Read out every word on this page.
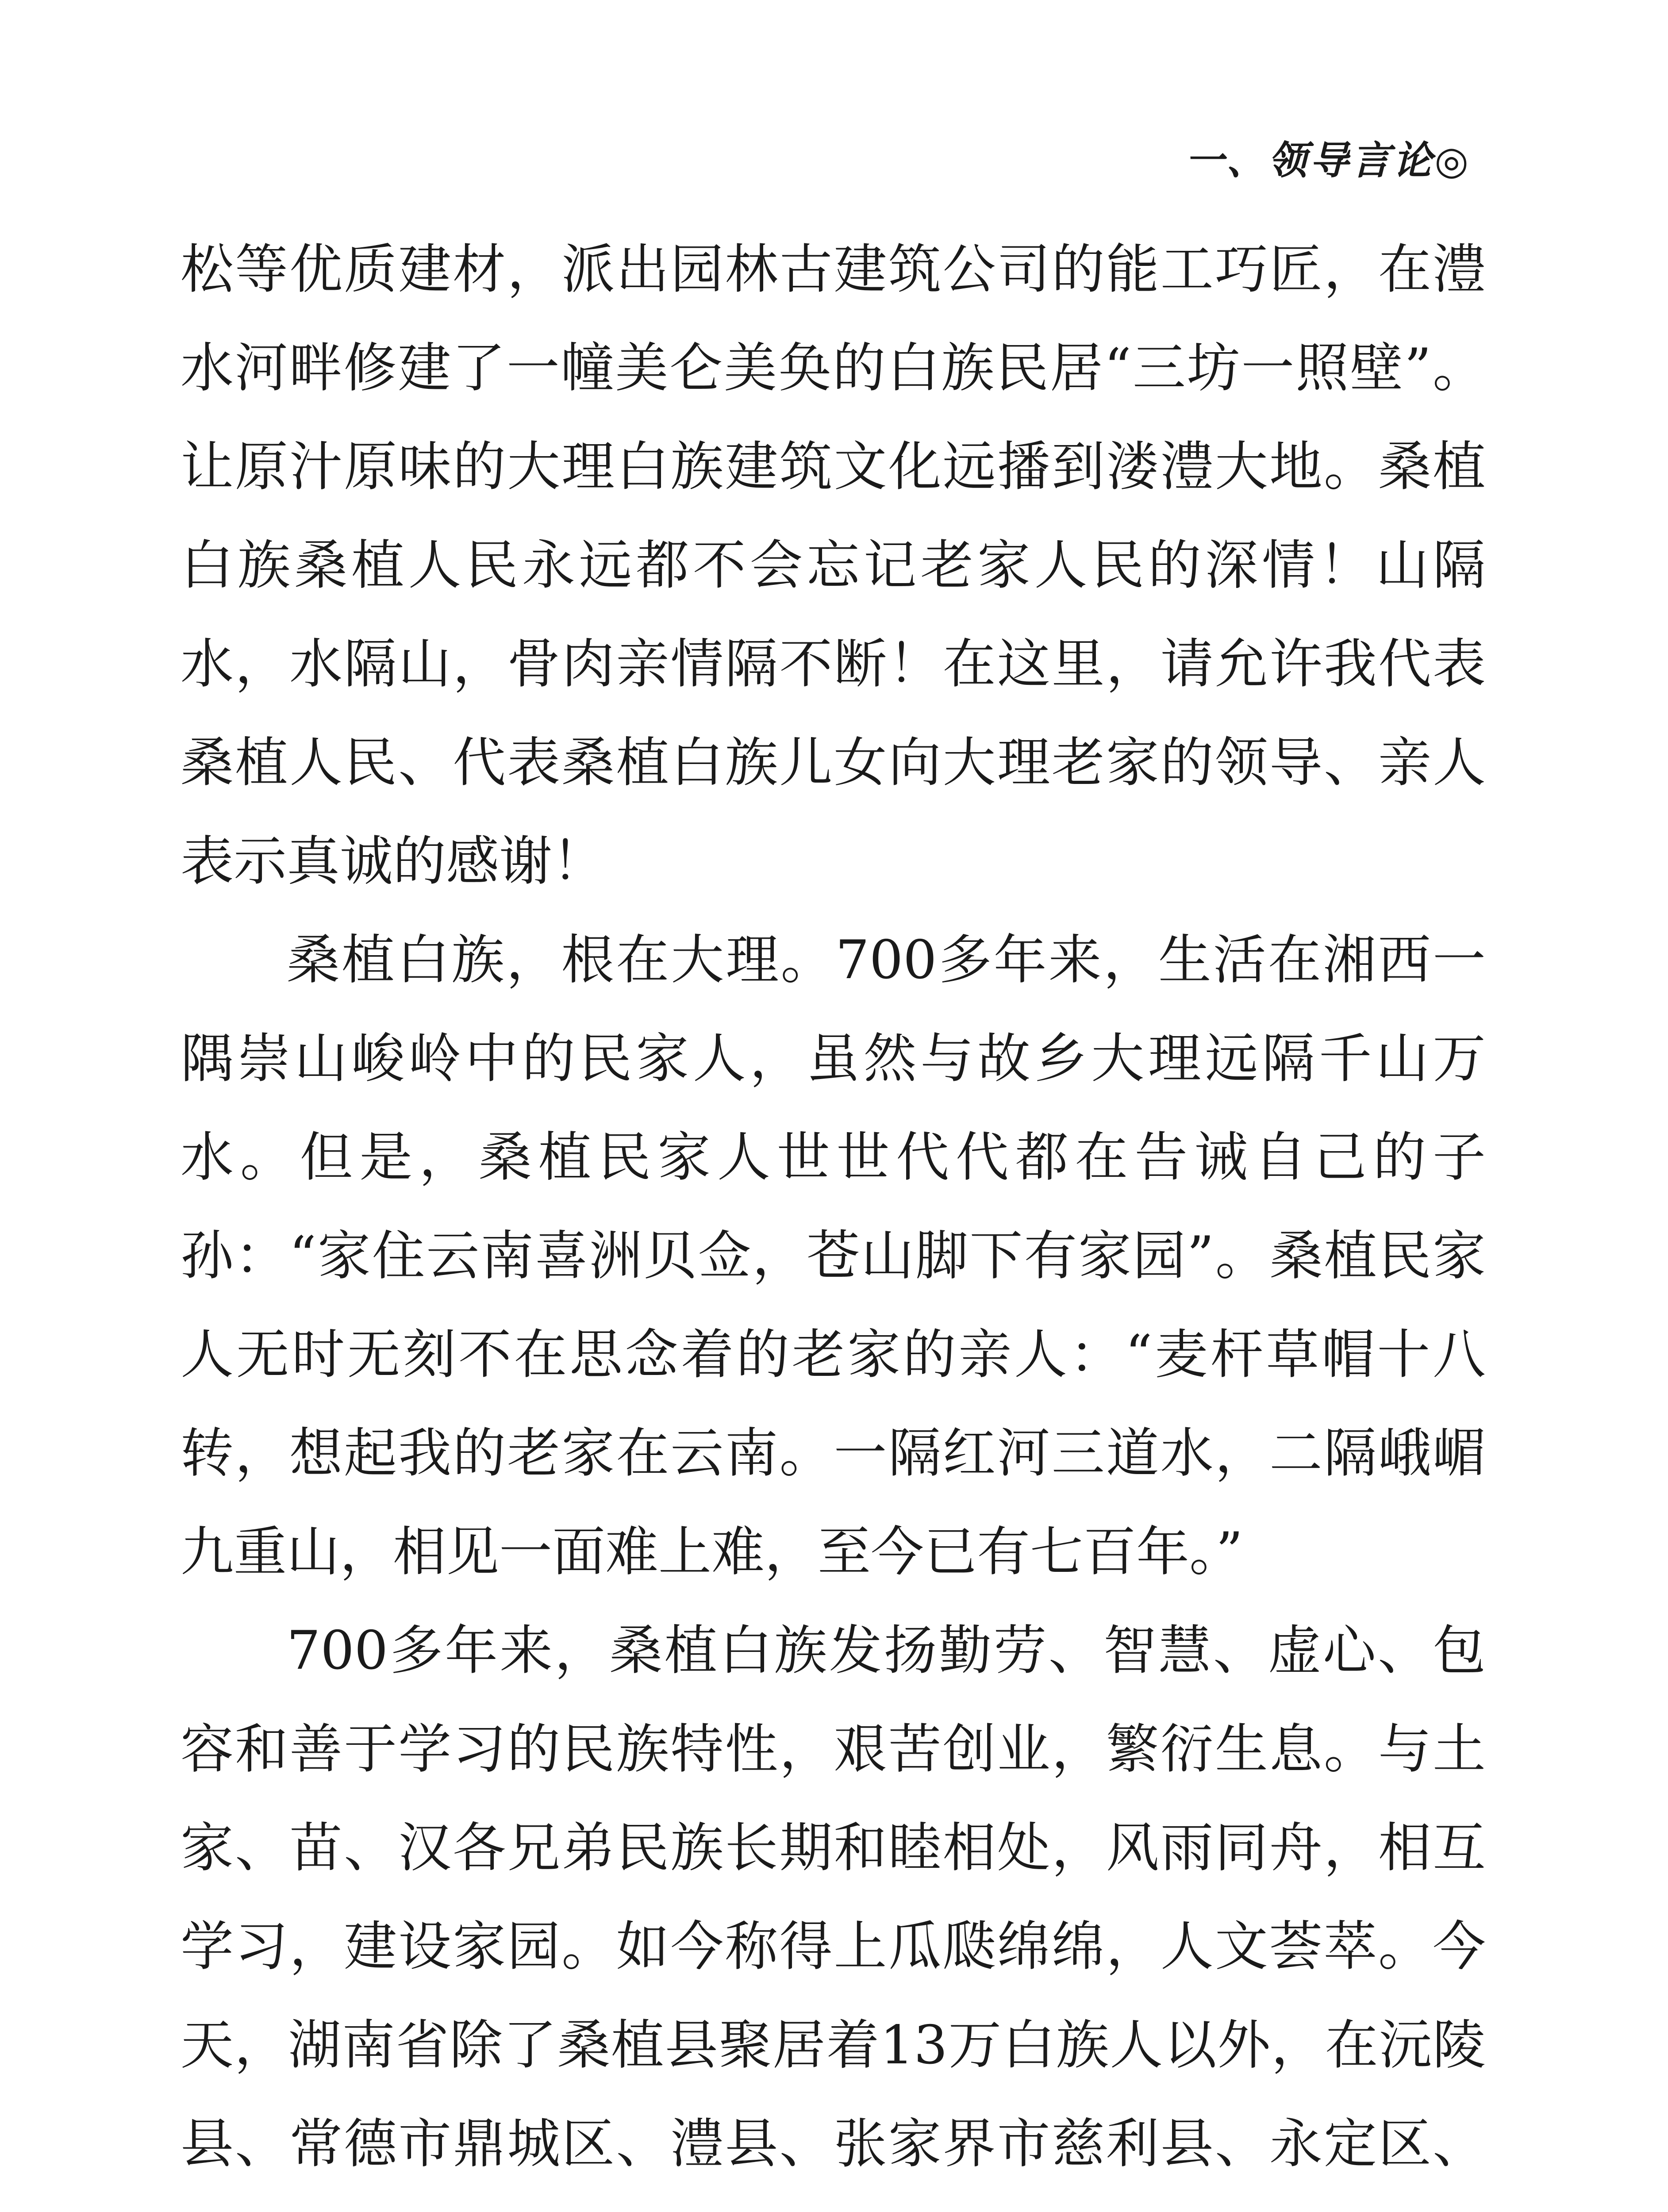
一、领导言论◎

松等优质建材，派出园林古建筑公司的能工巧匠，在澧水河畔修建了一幢美仑美奂的白族民居“三坊一照壁”。让原汁原味的大理白族建筑文化远播到溇澧大地。桑植白族桑植人民永远都不会忘记老家人民的深情！山隔水，水隔山，骨肉亲情隔不断！在这里，请允许我代表桑植人民、代表桑植白族儿女向大理老家的领导、亲人表示真诚的感谢！

桑植白族，根在大理。700多年来，生活在湘西一隅崇山峻岭中的民家人，虽然与故乡大理远隔千山万水。但是，桑植民家人世世代代都在告诫自己的子孙：“家住云南喜洲贝佥，苍山脚下有家园”。桑植民家人无时无刻不在思念着的老家的亲人：“麦杆草帽十八转，想起我的老家在云南。一隔红河三道水，二隔峨嵋九重山，相见一面难上难，至今已有七百年。”

700多年来，桑植白族发扬勤劳、智慧、虚心、包容和善于学习的民族特性，艰苦创业，繁衍生息。与土家、苗、汉各兄弟民族长期和睦相处，风雨同舟，相互学习，建设家园。如今称得上瓜瓞绵绵，人文荟萃。今天，湖南省除了桑植县聚居着13万白族人以外，在沅陵县、常德市鼎城区、澧县、张家界市慈利县、永定区、
